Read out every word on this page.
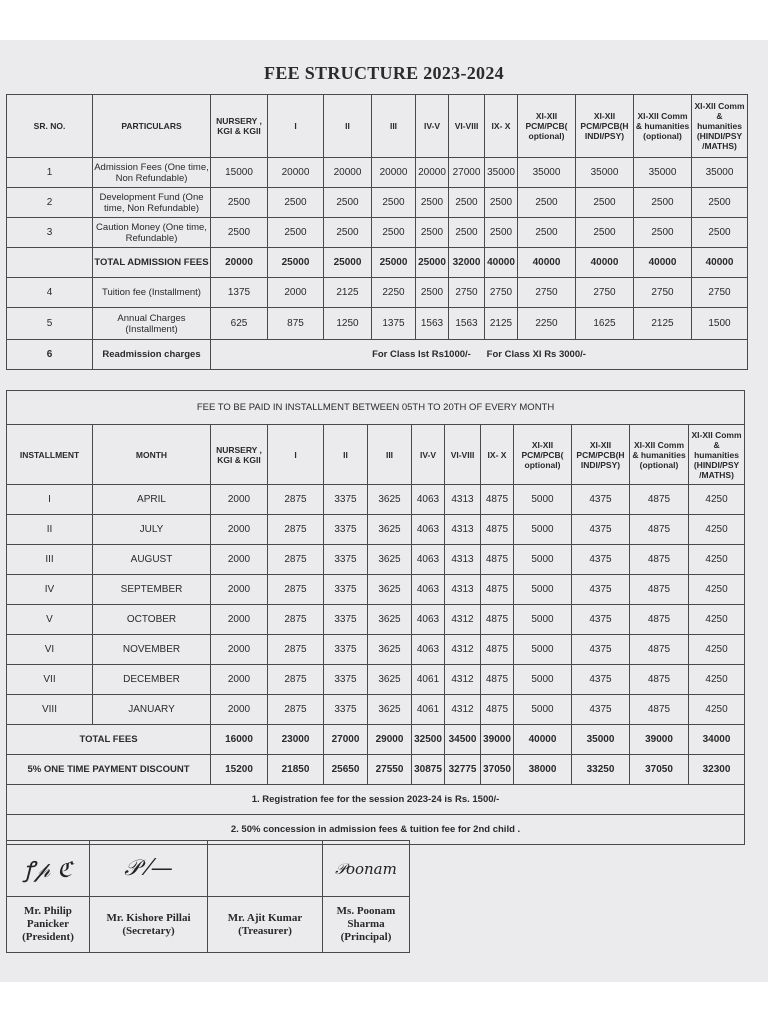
FEE STRUCTURE 2023-2024
SR. NO.	PARTICULARS	NURSERY , KGI & KGII	I	II	III	IV-V	VI-VIII	IX- X	XI-XII PCM/PCB( optional)	XI-XII PCM/PCB(H INDI/PSY)	XI-XII Comm & humanities (optional)	XI-XII Comm & humanities (HINDI/PSY /MATHS)
1	Admission Fees (One time, Non Refundable)	15000	20000	20000	20000	20000	27000	35000	35000	35000	35000	35000
2	Development Fund (One time, Non Refundable)	2500	2500	2500	2500	2500	2500	2500	2500	2500	2500	2500
3	Caution Money (One time, Refundable)	2500	2500	2500	2500	2500	2500	2500	2500	2500	2500	2500
	TOTAL ADMISSION FEES	20000	25000	25000	25000	25000	32000	40000	40000	40000	40000	40000
4	Tuition fee (Installment)	1375	2000	2125	2250	2500	2750	2750	2750	2750	2750	2750
5	Annual Charges (Installment)	625	875	1250	1375	1563	1563	2125	2250	1625	2125	1500
6	Readmission charges	For Class Ist Rs1000/-      For Class XI Rs 3000/-										
FEE TO BE PAID IN INSTALLMENT BETWEEN 05TH TO 20TH OF EVERY MONTH												
INSTALLMENT	MONTH	NURSERY , KGI & KGII	I	II	III	IV-V	VI-VIII	IX- X	XI-XII PCM/PCB( optional)	XI-XII PCM/PCB(H INDI/PSY)	XI-XII Comm & humanities (optional)	XI-XII Comm & humanities (HINDI/PSY /MATHS)
I	APRIL	2000	2875	3375	3625	4063	4313	4875	5000	4375	4875	4250
II	JULY	2000	2875	3375	3625	4063	4313	4875	5000	4375	4875	4250
III	AUGUST	2000	2875	3375	3625	4063	4313	4875	5000	4375	4875	4250
IV	SEPTEMBER	2000	2875	3375	3625	4063	4313	4875	5000	4375	4875	4250
V	OCTOBER	2000	2875	3375	3625	4063	4312	4875	5000	4375	4875	4250
VI	NOVEMBER	2000	2875	3375	3625	4063	4312	4875	5000	4375	4875	4250
VII	DECEMBER	2000	2875	3375	3625	4061	4312	4875	5000	4375	4875	4250
VIII	JANUARY	2000	2875	3375	3625	4061	4312	4875	5000	4375	4875	4250
TOTAL FEES		16000	23000	27000	29000	32500	34500	39000	40000	35000	39000	34000
5% ONE TIME PAYMENT DISCOUNT		15200	21850	25650	27550	30875	32775	37050	38000	33250	37050	32300
1. Registration fee for the session 2023-24 is Rs. 1500/-												
2. 50% concession in admission fees & tuition fee for 2nd child .												
ꝭ𝓅 ℭ	𝒫 ⁄—		𝒫oonam
Mr. Philip Panicker (President)	Mr. Kishore Pillai (Secretary)	Mr. Ajit Kumar (Treasurer)	Ms. Poonam Sharma (Principal)
